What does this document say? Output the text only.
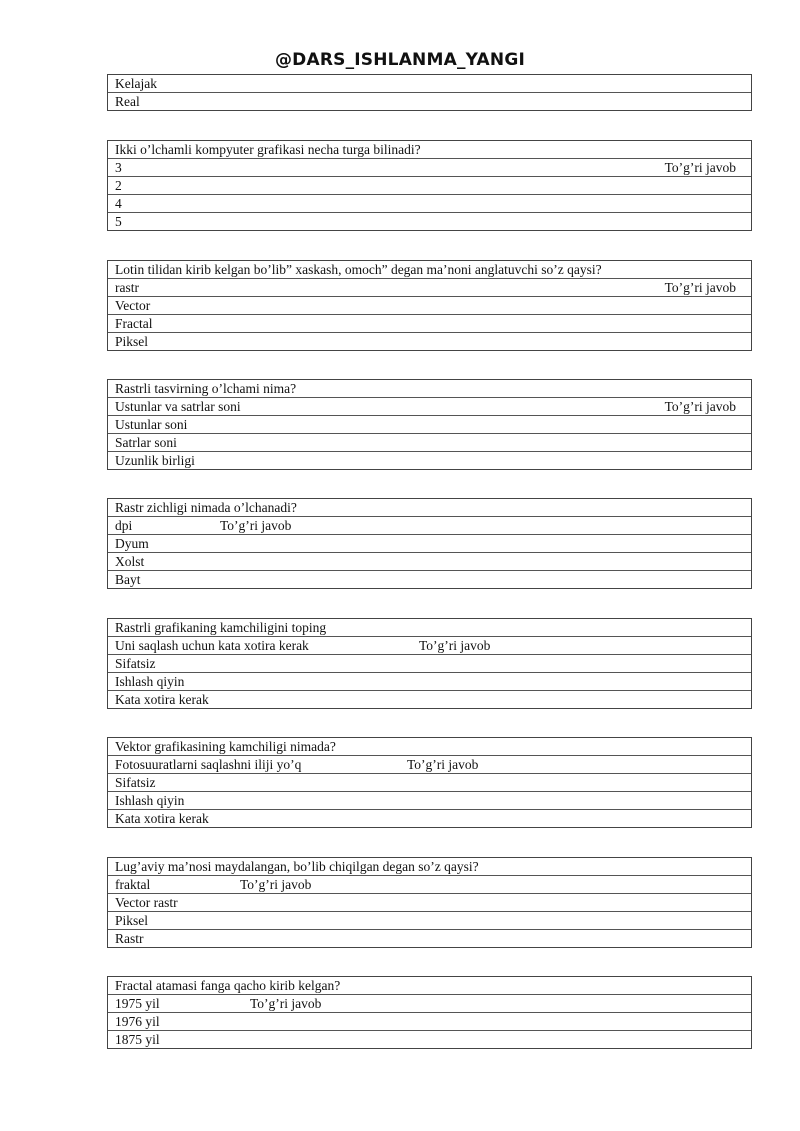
@DARS_ISHLANMA_YANGI
Kelajak
Real
Ikki o’lchamli kompyuter grafikasi necha turga bilinadi?
3	To’g’ri javob
2
4
5
Lotin tilidan kirib kelgan bo’lib” xaskash, omoch” degan ma’noni anglatuvchi so’z qaysi?
rastr	To’g’ri javob
Vector
Fractal
Piksel
Rastrli tasvirning o’lchami nima?
Ustunlar va satrlar soni	To’g’ri javob
Ustunlar soni
Satrlar soni
Uzunlik birligi
Rastr zichligi nimada o’lchanadi?
dpi	To’g’ri javob
Dyum
Xolst
Bayt
Rastrli grafikaning kamchiligini toping
Uni saqlash uchun kata xotira kerak	To’g’ri javob
Sifatsiz
Ishlash qiyin
Kata xotira kerak
Vektor grafikasining kamchiligi nimada?
Fotosuuratlarni saqlashni iliji yo’q	To’g’ri javob
Sifatsiz
Ishlash qiyin
Kata xotira kerak
Lug’aviy ma’nosi maydalangan, bo’lib chiqilgan degan so’z qaysi?
fraktal	To’g’ri javob
Vector rastr
Piksel
Rastr
Fractal atamasi fanga qacho kirib kelgan?
1975 yil	To’g’ri javob
1976 yil
1875 yil
